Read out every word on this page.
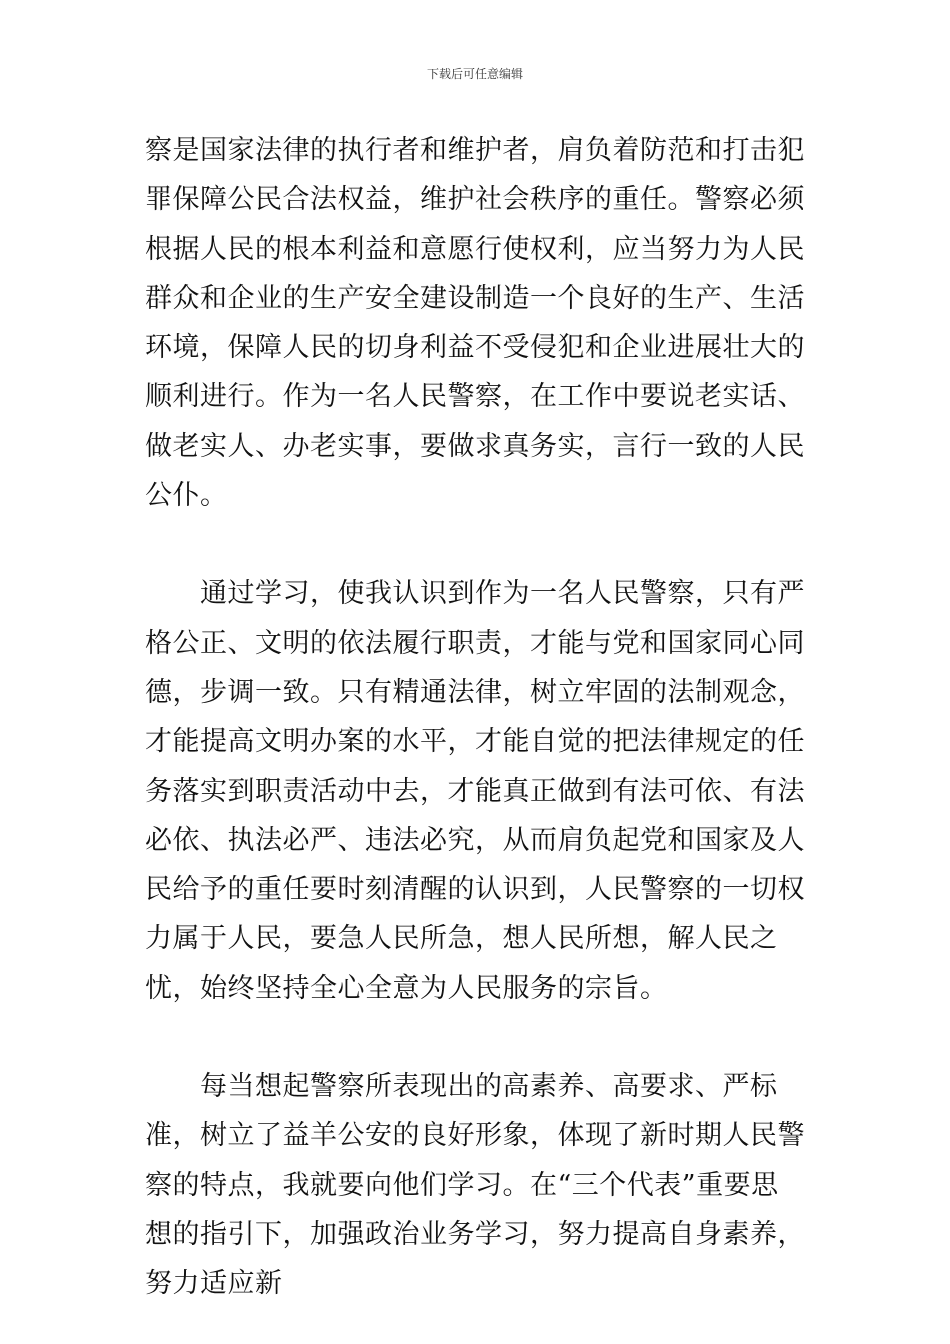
下载后可任意编辑

察是国家法律的执行者和维护者，肩负着防范和打击犯罪保障公民合法权益，维护社会秩序的重任。警察必须根据人民的根本利益和意愿行使权利，应当努力为人民群众和企业的生产安全建设制造一个良好的生产、生活环境，保障人民的切身利益不受侵犯和企业进展壮大的顺利进行。作为一名人民警察，在工作中要说老实话、做老实人、办老实事，要做求真务实，言行一致的人民公仆。

通过学习，使我认识到作为一名人民警察，只有严格公正、文明的依法履行职责，才能与党和国家同心同德，步调一致。只有精通法律，树立牢固的法制观念，才能提高文明办案的水平，才能自觉的把法律规定的任务落实到职责活动中去，才能真正做到有法可依、有法必依、执法必严、违法必究，从而肩负起党和国家及人民给予的重任要时刻清醒的认识到，人民警察的一切权力属于人民，要急人民所急，想人民所想，解人民之忧，始终坚持全心全意为人民服务的宗旨。

每当想起警察所表现出的高素养、高要求、严标准，树立了益羊公安的良好形象，体现了新时期人民警察的特点，我就要向他们学习。在“三个代表”重要思想的指引下，加强政治业务学习，努力提高自身素养，努力适应新
